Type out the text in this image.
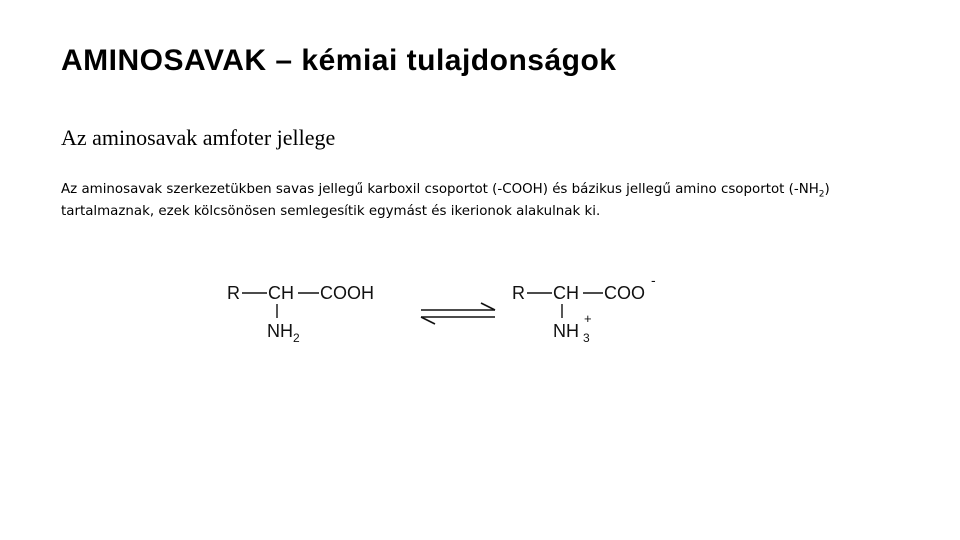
AMINOSAVAK – kémiai tulajdonságok
Az aminosavak amfoter jellege
Az aminosavak szerkezetükben savas jellegű karboxil csoportot (-COOH) és bázikus jellegű amino csoportot $(-NH_2)$ tartalmaznak, ezek kölcsönösen semlegesítik egymást és ikerionok alakulnak ki.
R CH COOH
NH 2
R CH COO
-
NH 3
+
